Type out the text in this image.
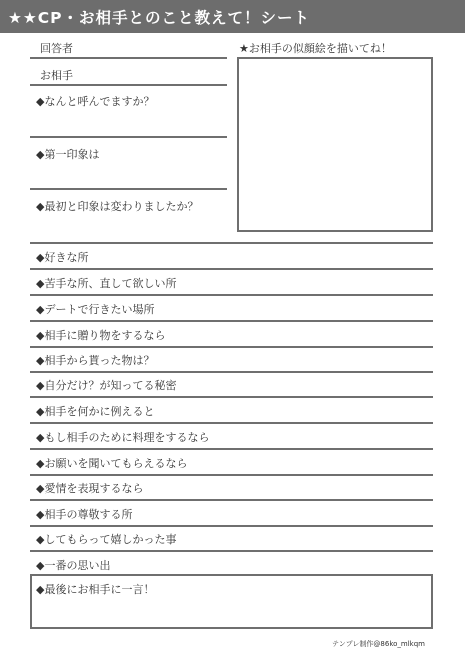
★★CP・お相手とのこと教えて！シート
回答者
お相手
◆なんと呼んでますか？
◆第一印象は
◆最初と印象は変わりましたか？
★お相手の似顔絵を描いてね！
◆好きな所
◆苦手な所、直して欲しい所
◆デートで行きたい場所
◆相手に贈り物をするなら
◆相手から貰った物は？
◆自分だけ？が知ってる秘密
◆相手を何かに例えると
◆もし相手のために料理をするなら
◆お願いを聞いてもらえるなら
◆愛情を表現するなら
◆相手の尊敬する所
◆してもらって嬉しかった事
◆一番の思い出
◆最後にお相手に一言！
テンプレ制作@86ko_mlkqm
